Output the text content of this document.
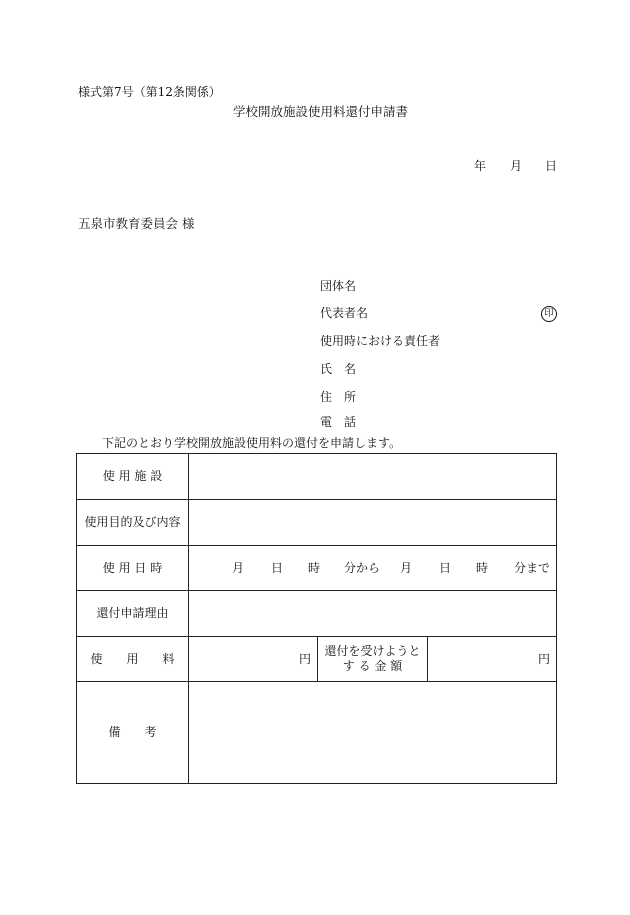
様式第7号（第12条関係）
学校開放施設使用料還付申請書
年 月 日
五泉市教育委員会 様
団体名
代表者名	印
使用時における責任者
氏　名
住　所
電　話
下記のとおり学校開放施設使用料の還付を申請します。
使 用 施 設			
使用目的及び内容			
使 用 日 時	月 日 時 分から 月 日 時 分まで		
還付申請理由			
使　　用　　料	円	還付を受けようと
す る 金 額	円
備　　考			
